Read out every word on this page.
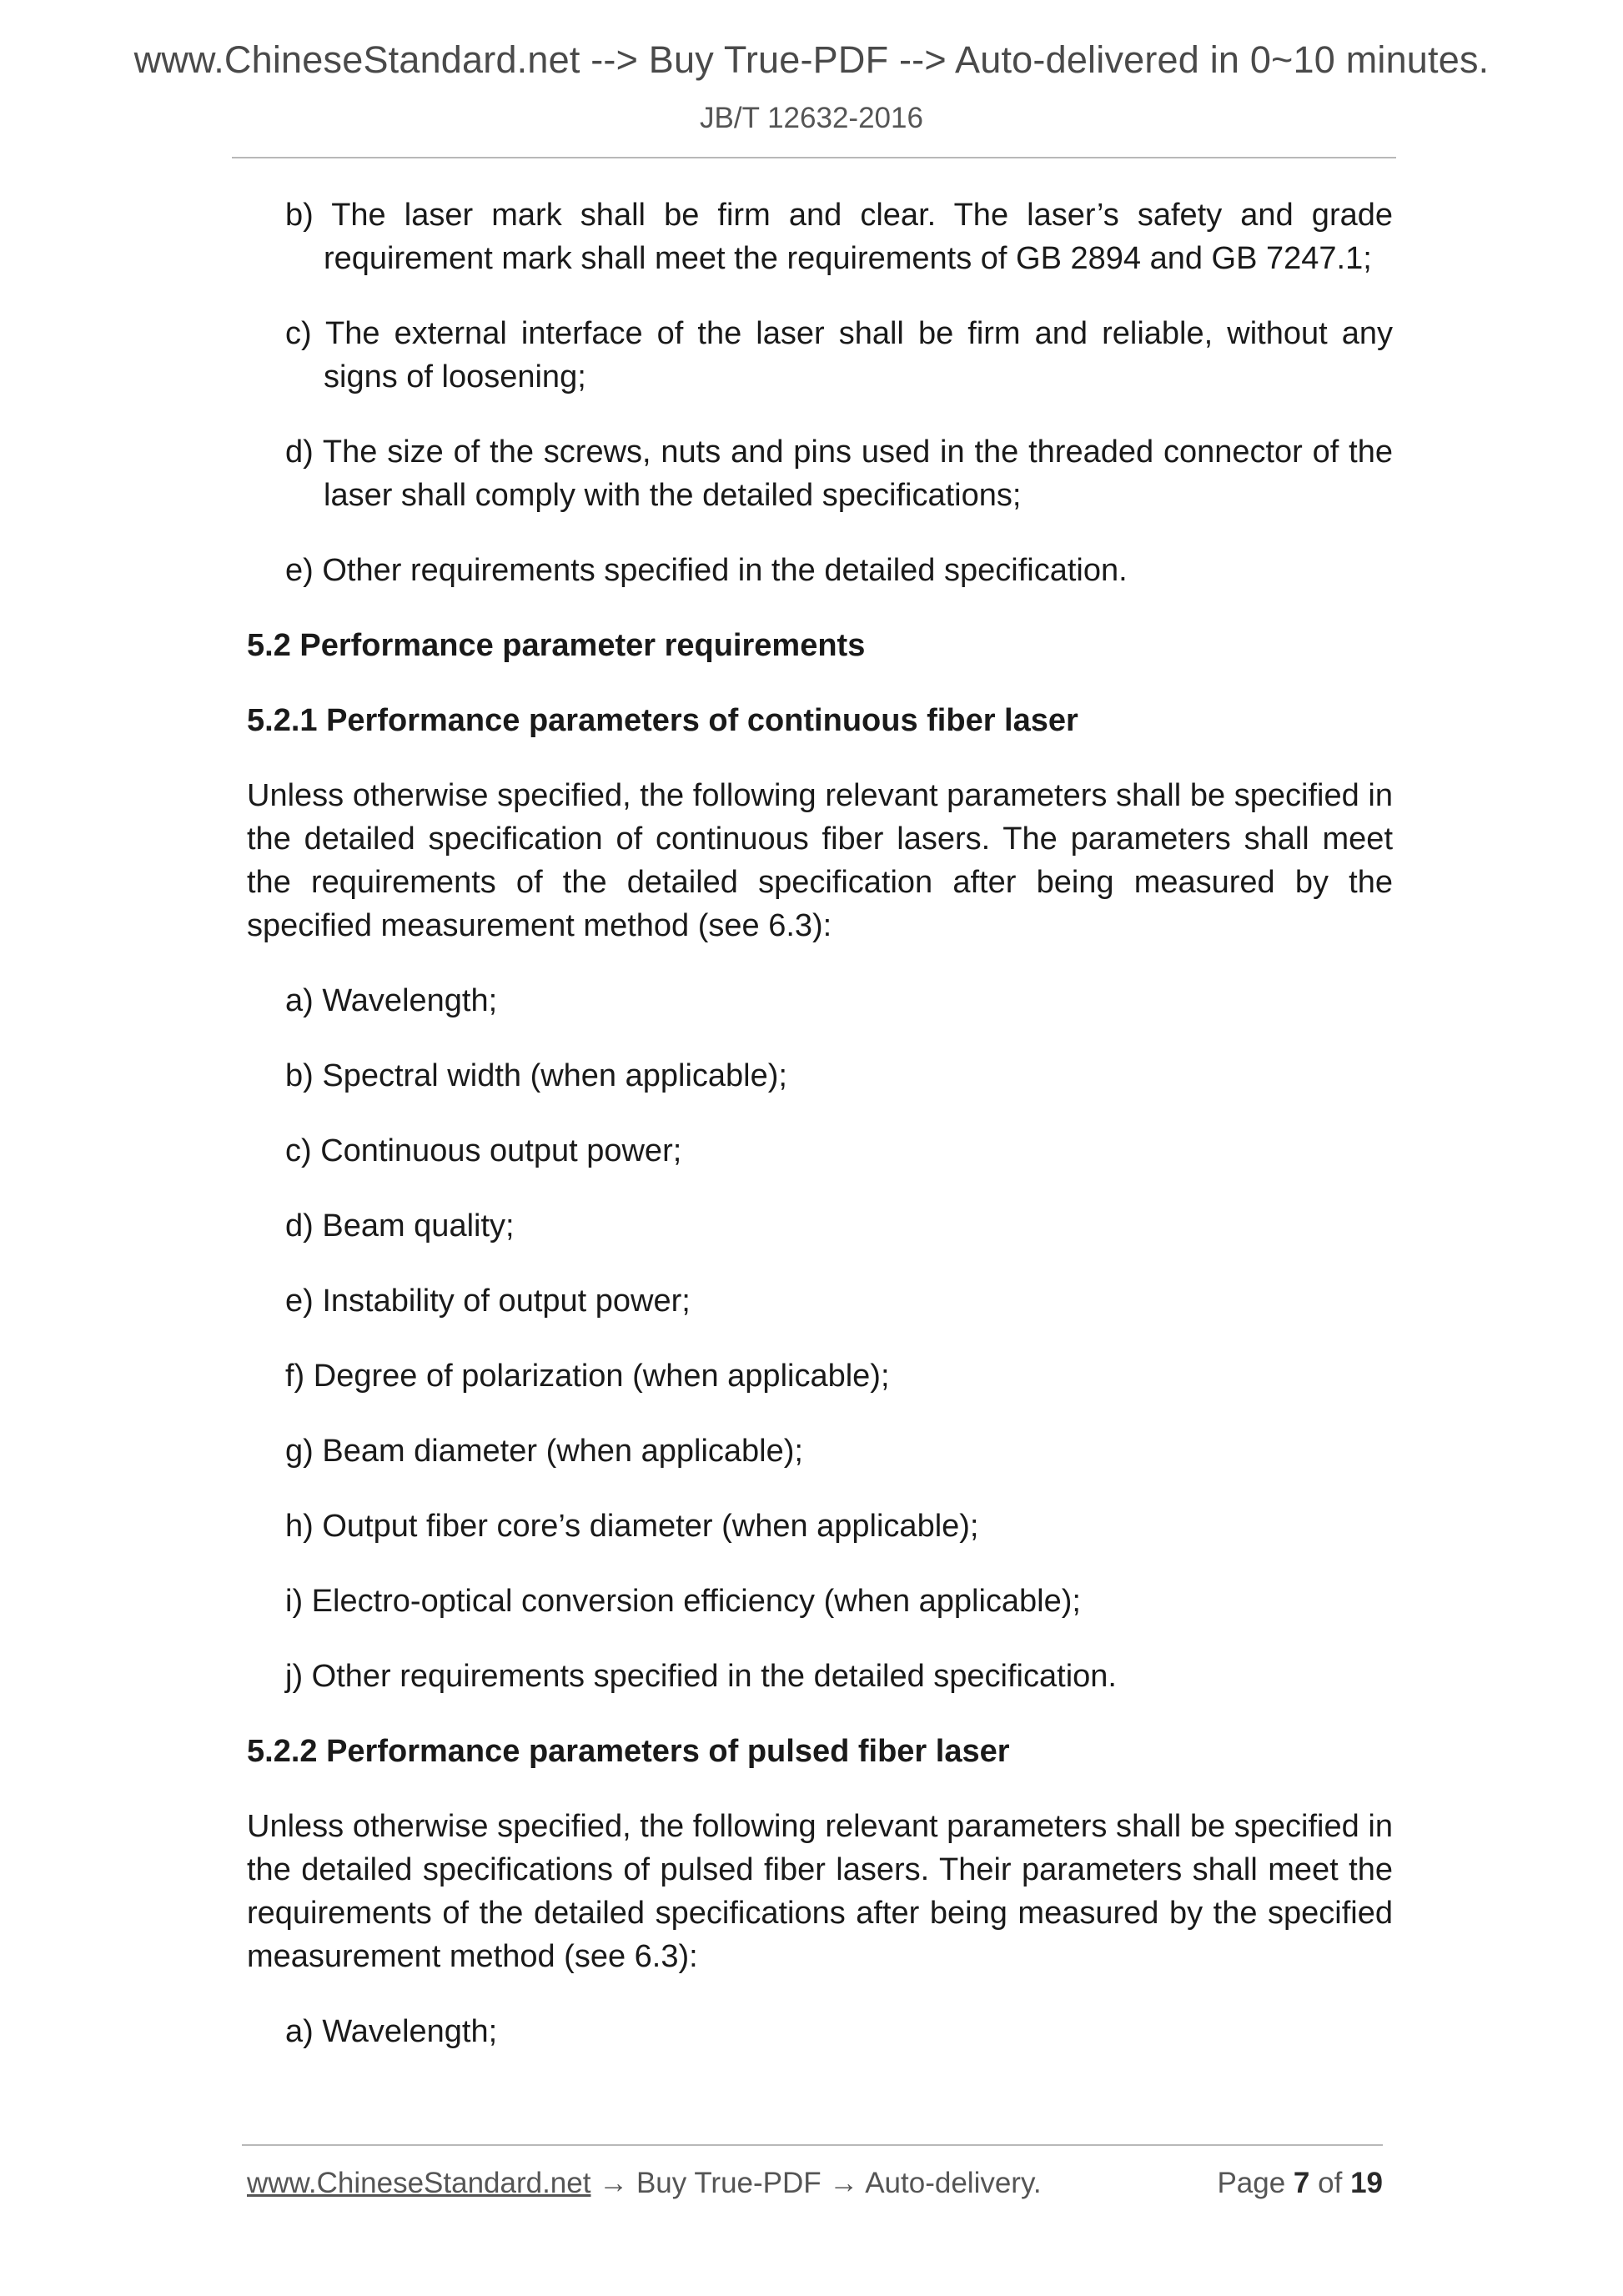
www.ChineseStandard.net --> Buy True-PDF --> Auto-delivered in 0~10 minutes.
JB/T 12632-2016
b) The laser mark shall be firm and clear. The laser’s safety and grade requirement mark shall meet the requirements of GB 2894 and GB 7247.1;
c) The external interface of the laser shall be firm and reliable, without any signs of loosening;
d) The size of the screws, nuts and pins used in the threaded connector of the laser shall comply with the detailed specifications;
e) Other requirements specified in the detailed specification.
5.2 Performance parameter requirements
5.2.1 Performance parameters of continuous fiber laser
Unless otherwise specified, the following relevant parameters shall be specified in the detailed specification of continuous fiber lasers. The parameters shall meet the requirements of the detailed specification after being measured by the specified measurement method (see 6.3):
a) Wavelength;
b) Spectral width (when applicable);
c) Continuous output power;
d) Beam quality;
e) Instability of output power;
f) Degree of polarization (when applicable);
g) Beam diameter (when applicable);
h) Output fiber core’s diameter (when applicable);
i) Electro-optical conversion efficiency (when applicable);
j) Other requirements specified in the detailed specification.
5.2.2 Performance parameters of pulsed fiber laser
Unless otherwise specified, the following relevant parameters shall be specified in the detailed specifications of pulsed fiber lasers. Their parameters shall meet the requirements of the detailed specifications after being measured by the specified measurement method (see 6.3):
a) Wavelength;
www.ChineseStandard.net → Buy True-PDF → Auto-delivery.	Page 7 of 19
